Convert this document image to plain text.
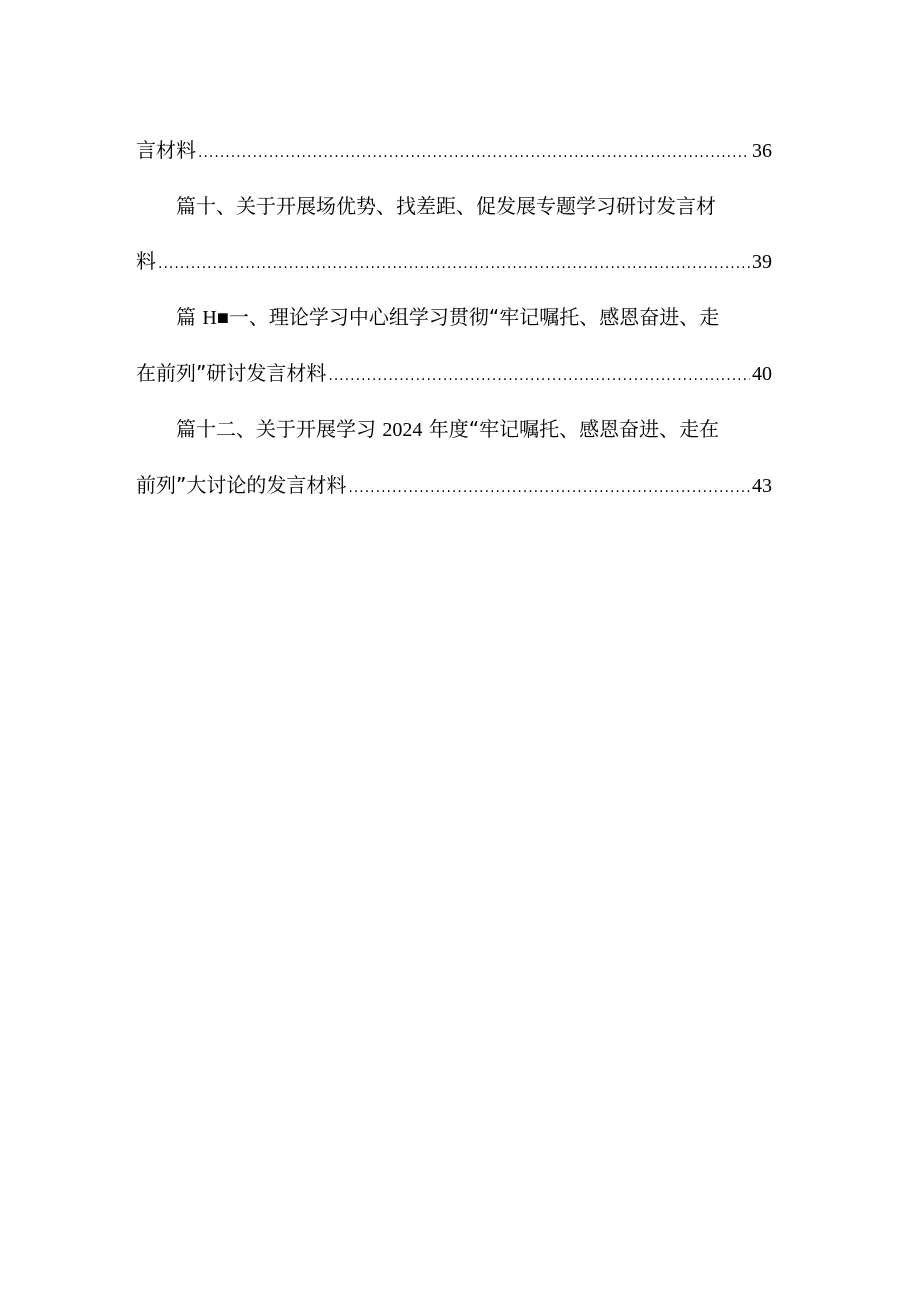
言材料 .....	36
篇十、关于开展场优势、找差距、促发展专题学习研讨发言材
料 .....	39
篇 H■一、理论学习中心组学习贯彻“牢记嘱托、感恩奋进、走
在前列”研讨发言材料 .....	40
篇十二、关于开展学习 2024 年度“牢记嘱托、感恩奋进、走在
前列”大讨论的发言材料 .....	43
